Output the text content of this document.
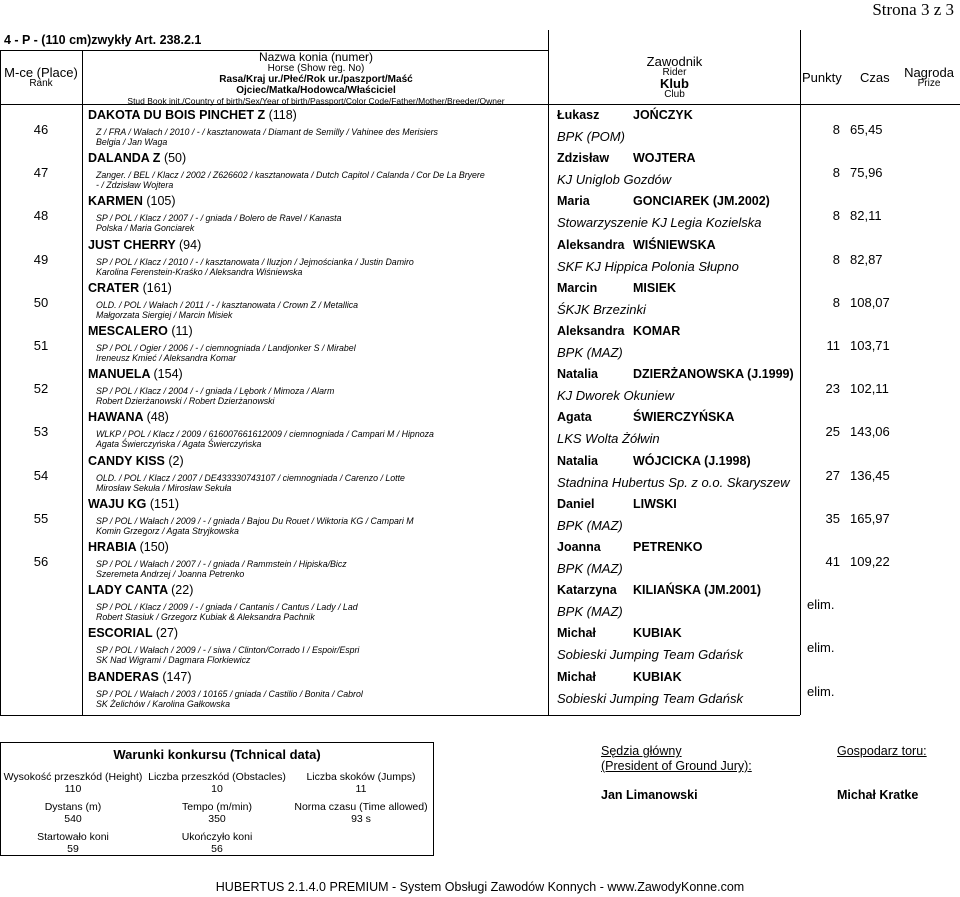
Strona 3 z 3
4 - P - (110 cm)zwykły Art. 238.2.1
M-ce (Place)
Rank
Nazwa konia (numer)
Horse (Show reg. No)
Rasa/Kraj ur./Płeć/Rok ur./paszport/Maść
Ojciec/Matka/Hodowca/Właściciel
Stud Book init./Country of birth/Sex/Year of birth/Passport/Color Code/Father/Mother/Breeder/Owner
Zawodnik
Rider
Klub
Club
Punkty Czas	Nagroda
Prize
46
DAKOTA DU BOIS PINCHET Z (118)
Z / FRA / Wałach / 2010 / - / kasztanowata / Diamant de Semilly / Vahinee des Merisiers
Belgia / Jan Waga
Łukasz	JOŃCZYK
BPK (POM)	8 65,45
47
DALANDA Z (50)
Zanger. / BEL / Klacz / 2002 / Z626602 / kasztanowata / Dutch Capitol / Calanda / Cor De La Bryere
- / Zdzisław Wojtera
Zdzisław WOJTERA
KJ Uniglob Gozdów	8 75,96
48
KARMEN (105)
SP / POL / Klacz / 2007 / - / gniada / Bolero de Ravel / Kanasta
Polska / Maria Gonciarek
Maria	GONCIAREK (JM.2002)
Stowarzyszenie KJ Legia Kozielska	8 82,11
49
JUST CHERRY (94)
SP / POL / Klacz / 2010 / - / kasztanowata / Iluzjon / Jejmościanka / Justin Damiro
Karolina Ferenstein-Kraśko / Aleksandra Wiśniewska
Aleksandra WIŚNIEWSKA
SKF KJ Hippica Polonia Słupno	8 82,87
50
CRATER (161)
OLD. / POL / Wałach / 2011 / - / kasztanowata / Crown Z / Metallica
Małgorzata Siergiej / Marcin Misiek
Marcin	MISIEK
ŚKJK Brzezinki	8 108,07
51
MESCALERO (11)
SP / POL / Ogier / 2006 / - / ciemnogniada / Landjonker S / Mirabel
Ireneusz Kmieć / Aleksandra Komar
Aleksandra KOMAR
BPK (MAZ)	11 103,71
52
MANUELA (154)
SP / POL / Klacz / 2004 / - / gniada / Lębork / Mimoza / Alarm
Robert Dzierżanowski / Robert Dzierżanowski
Natalia	DZIERŻANOWSKA (J.1999)
KJ Dworek Okuniew	23 102,11
53
HAWANA (48)
WLKP / POL / Klacz / 2009 / 616007661612009 / ciemnogniada / Campari M / Hipnoza
Agata Świerczyńska / Agata Świerczyńska
Agata	ŚWIERCZYŃSKA
LKS Wolta Żółwin	25 143,06
54
CANDY KISS (2)
OLD. / POL / Klacz / 2007 / DE433330743107 / ciemnogniada / Carenzo / Lotte
Mirosław Sekuła / Mirosław Sekuła
Natalia	WÓJCICKA (J.1998)
Stadnina Hubertus Sp. z o.o. Skaryszew	27 136,45
55
WAJU KG (151)
SP / POL / Wałach / 2009 / - / gniada / Bajou Du Rouet / Wiktoria KG / Campari M
Komin Grzegorz / Agata Stryjkowska
Daniel	LIWSKI
BPK (MAZ)	35 165,97
56
HRABIA (150)
SP / POL / Wałach / 2007 / - / gniada / Rammstein / Hipiska/Bicz
Szeremeta Andrzej / Joanna Petrenko
Joanna	PETRENKO
BPK (MAZ)	41 109,22
LADY CANTA (22)
SP / POL / Klacz / 2009 / - / gniada / Cantanis / Cantus / Lady / Lad
Robert Stasiuk / Grzegorz Kubiak & Aleksandra Pachnik
Katarzyna KILIAŃSKA (JM.2001)
BPK (MAZ)	elim.
ESCORIAL (27)
SP / POL / Wałach / 2009 / - / siwa / Clinton/Corrado I / Espoir/Espri
SK Nad Wigrami / Dagmara Florkiewicz
Michał	KUBIAK
Sobieski Jumping Team Gdańsk	elim.
BANDERAS (147)
SP / POL / Wałach / 2003 / 10165 / gniada / Castilio / Bonita / Cabrol
SK Żelichów / Karolina Gałkowska
Michał	KUBIAK
Sobieski Jumping Team Gdańsk	elim.
Warunki konkursu (Tchnical data)
Wysokość przeszkód (Height)
110
Liczba przeszkód (Obstacles)
10
Liczba skoków (Jumps)
11
Dystans (m)
540
Tempo (m/min)
350
Norma czasu (Time allowed)
93 s
Startowało koni
59
Ukończyło koni
56
Sędzia główny
(President of Ground Jury):
Jan Limanowski
Gospodarz toru:
Michał Kratke
HUBERTUS 2.1.4.0 PREMIUM - System Obsługi Zawodów Konnych - www.ZawodyKonne.com
